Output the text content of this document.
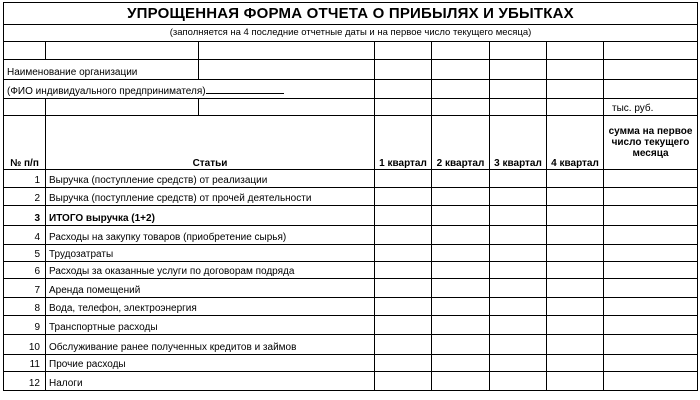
УПРОЩЕННАЯ ФОРМА ОТЧЕТА О ПРИБЫЛЯХ И УБЫТКАХ							
(заполняется на 4 последние отчетные даты и на первое число текущего месяца)							

Наименование организации							
(ФИО индивидуального предпринимателя)							
							тыс. руб.
№ п/п	Статьи		1 квартал	2 квартал	3 квартал	4 квартал	сумма на первое число текущего месяца
1	Выручка (поступление средств) от реализации						
2	Выручка (поступление средств) от прочей деятельности						
3	ИТОГО выручка (1+2)						
4	Расходы на закупку товаров (приобретение сырья)						
5	Трудозатраты						
6	Расходы за оказанные услуги по договорам подряда						
7	Аренда помещений						
8	Вода, телефон, электроэнергия						
9	Транспортные расходы						
10	Обслуживание ранее полученных кредитов и займов						
11	Прочие расходы						
12	Налоги						
